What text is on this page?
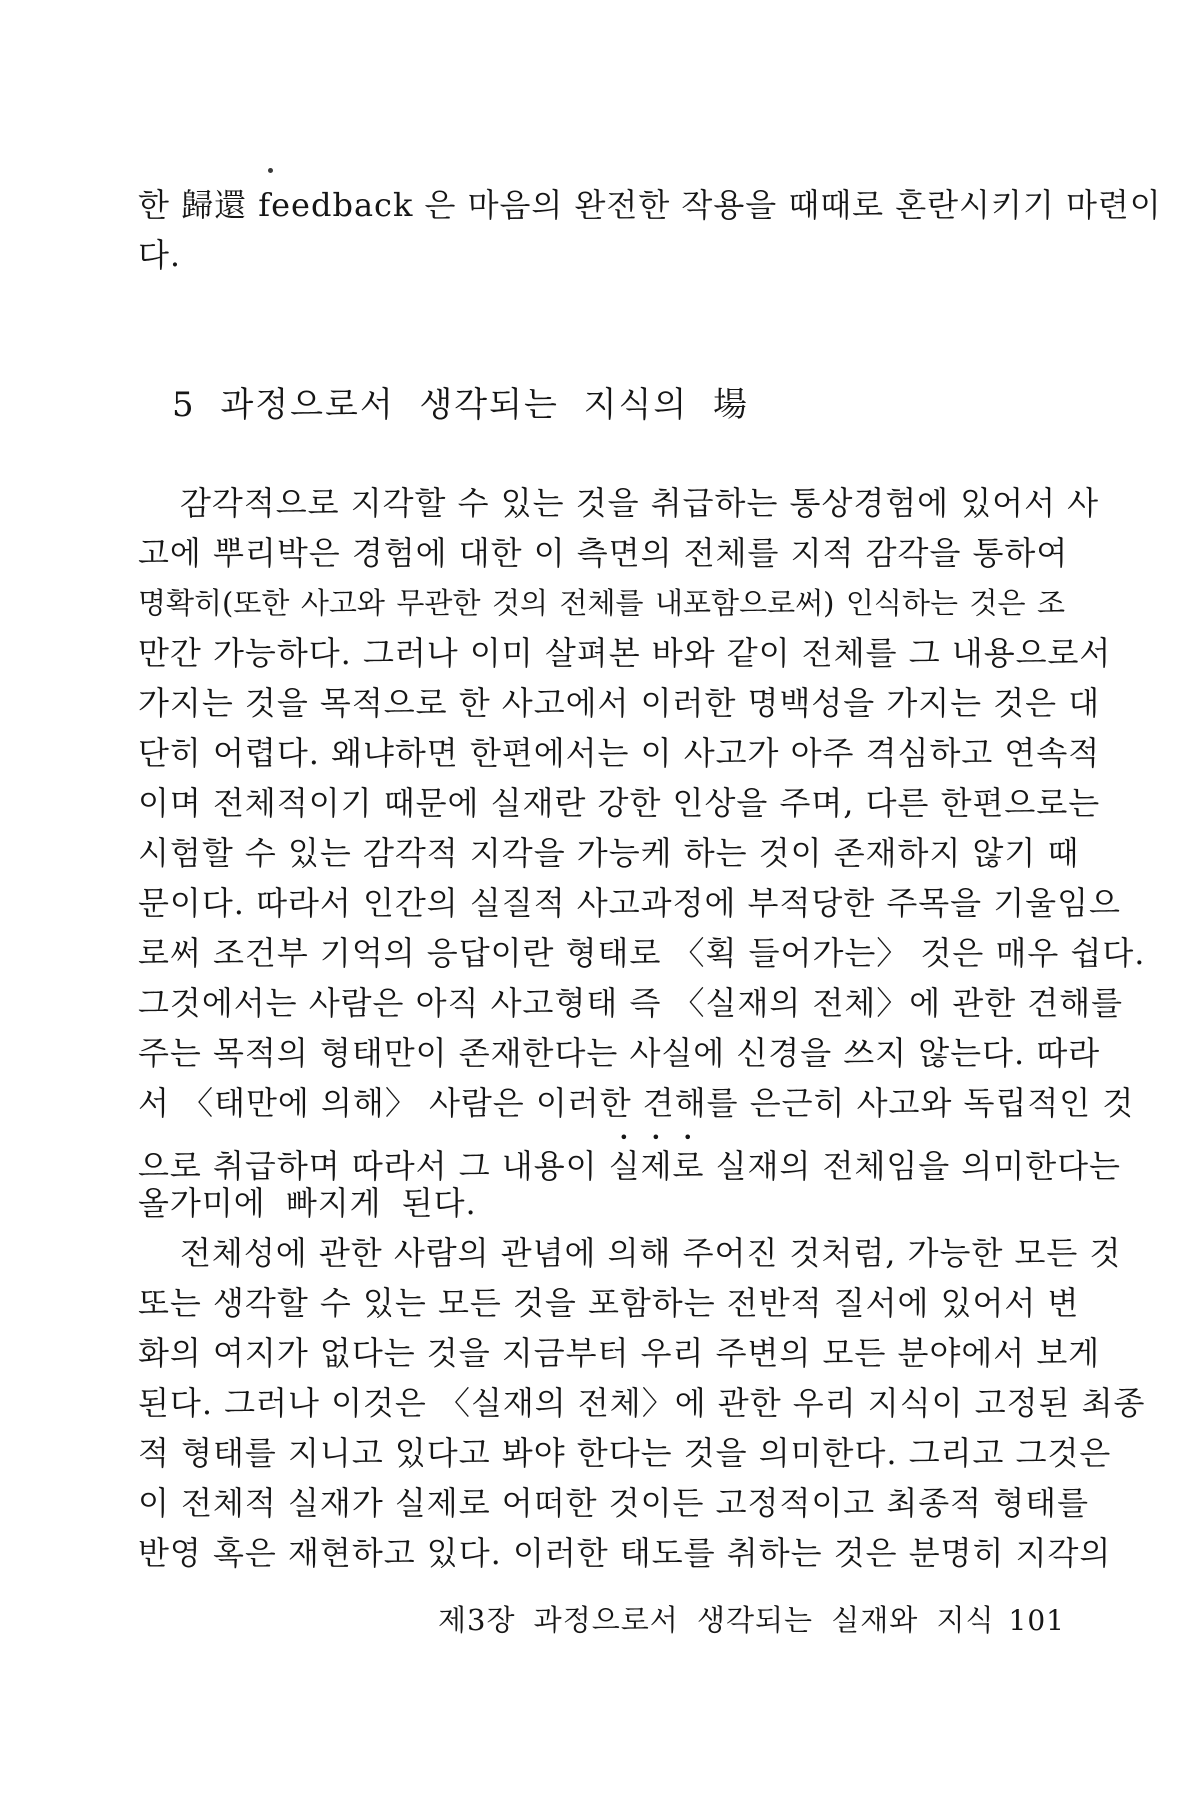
한 歸還 feedback 은 마음의 완전한 작용을 때때로 혼란시키기 마련이
다.
5 과정으로서 생각되는 지식의 場
감각적으로 지각할 수 있는 것을 취급하는 통상경험에 있어서 사
고에 뿌리박은 경험에 대한 이 측면의 전체를 지적 감각을 통하여
명확히(또한 사고와 무관한 것의 전체를 내포함으로써) 인식하는 것은 조
만간 가능하다. 그러나 이미 살펴본 바와 같이 전체를 그 내용으로서
가지는 것을 목적으로 한 사고에서 이러한 명백성을 가지는 것은 대
단히 어렵다. 왜냐하면 한편에서는 이 사고가 아주 격심하고 연속적
이며 전체적이기 때문에 실재란 강한 인상을 주며, 다른 한편으로는
시험할 수 있는 감각적 지각을 가능케 하는 것이 존재하지 않기 때
문이다. 따라서 인간의 실질적 사고과정에 부적당한 주목을 기울임으
로써 조건부 기억의 응답이란 형태로 〈획 들어가는〉 것은 매우 쉽다.
그것에서는 사람은 아직 사고형태 즉 〈실재의 전체〉에 관한 견해를
주는 목적의 형태만이 존재한다는 사실에 신경을 쓰지 않는다. 따라
서 〈태만에 의해〉 사람은 이러한 견해를 은근히 사고와 독립적인 것
으로 취급하며 따라서 그 내용이 실제로 실재의 전체임을 의미한다는
올가미에 빠지게 된다.
전체성에 관한 사람의 관념에 의해 주어진 것처럼, 가능한 모든 것
또는 생각할 수 있는 모든 것을 포함하는 전반적 질서에 있어서 변
화의 여지가 없다는 것을 지금부터 우리 주변의 모든 분야에서 보게
된다. 그러나 이것은 〈실재의 전체〉에 관한 우리 지식이 고정된 최종
적 형태를 지니고 있다고 봐야 한다는 것을 의미한다. 그리고 그것은
이 전체적 실재가 실제로 어떠한 것이든 고정적이고 최종적 형태를
반영 혹은 재현하고 있다. 이러한 태도를 취하는 것은 분명히 지각의
제3장 과정으로서 생각되는 실재와 지식 101
